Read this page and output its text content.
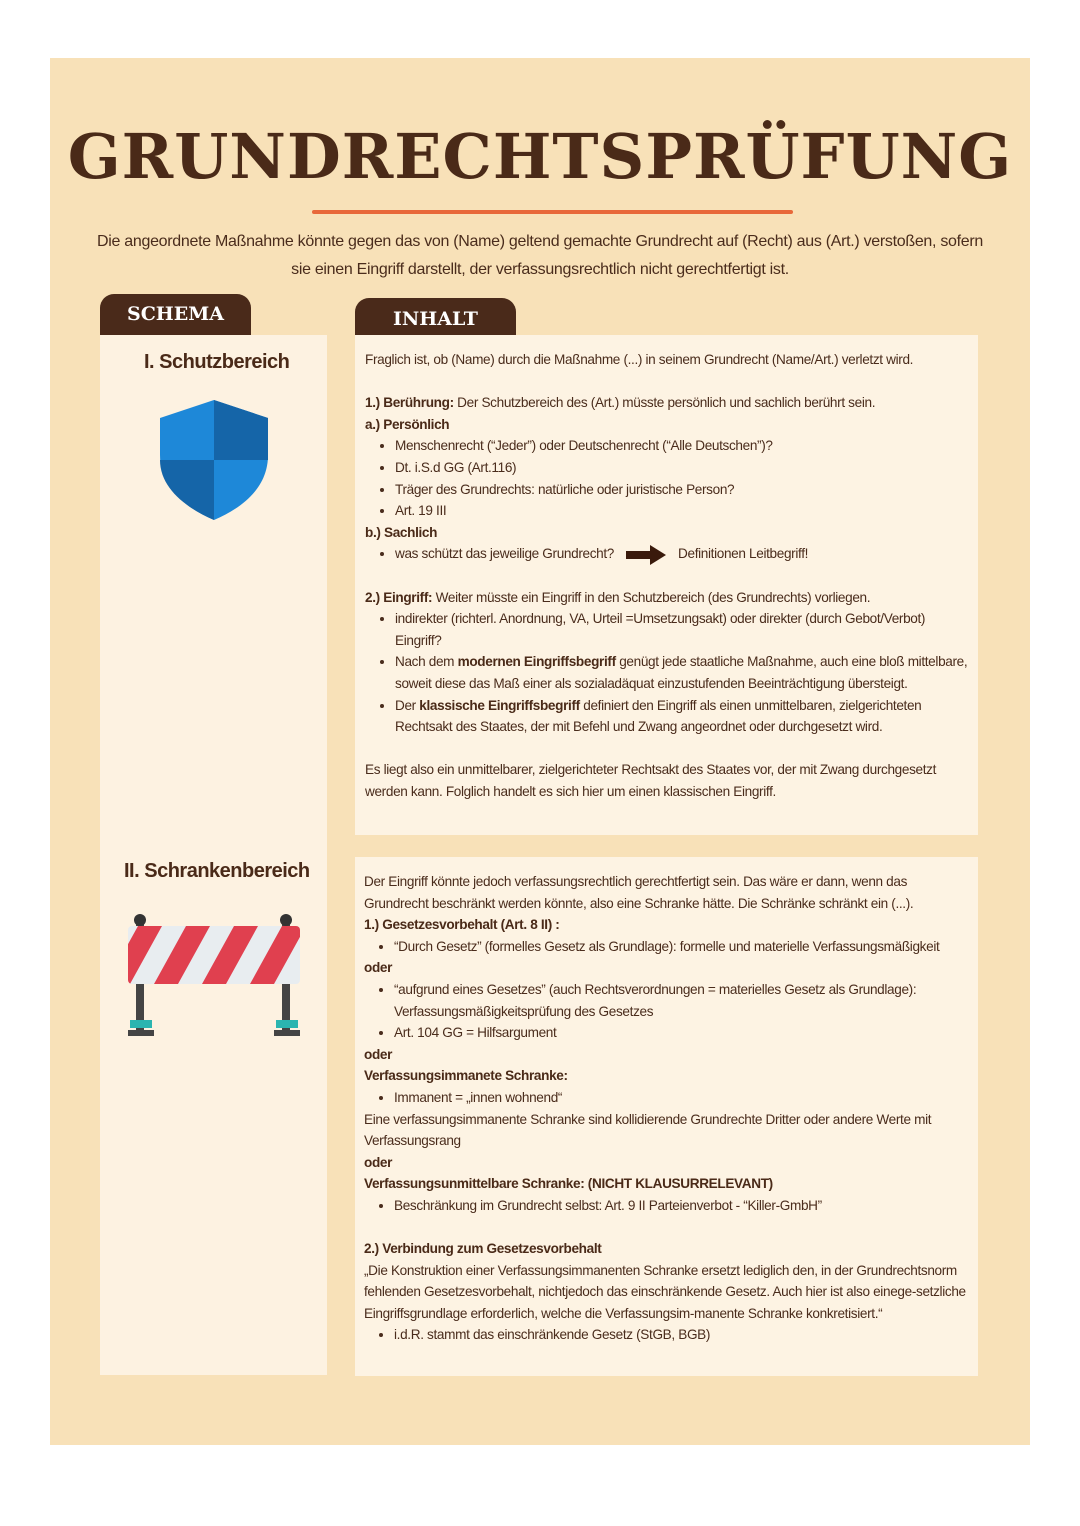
GRUNDRECHTSPRÜFUNG
Die angeordnete Maßnahme könnte gegen das von (Name) geltend gemachte Grundrecht auf (Recht) aus (Art.) verstoßen, sofern sie einen Eingriff darstellt, der verfassungsrechtlich nicht gerechtfertigt ist.
SCHEMA	INHALT
I. Schutzbereich
II. Schrankenbereich

Fraglich ist, ob (Name) durch die Maßnahme (...) in seinem Grundrecht (Name/Art.) verletzt wird.

1.) Berührung: Der Schutzbereich des (Art.) müsste persönlich und sachlich berührt sein.

a.) Persönlich

• Menschenrecht (“Jeder”) oder Deutschenrecht (“Alle Deutschen”)?
• Dt. i.S.d GG (Art.116)
• Träger des Grundrechts: natürliche oder juristische Person?
• Art. 19 III

b.) Sachlich

• was schützt das jeweilige Grundrecht?	Definitionen Leitbegriff!

2.) Eingriff: Weiter müsste ein Eingriff in den Schutzbereich (des Grundrechts) vorliegen.

• indirekter (richterl. Anordnung, VA, Urteil =Umsetzungsakt) oder direkter (durch Gebot/Verbot) Eingriff?
• Nach dem modernen Eingriffsbegriff genügt jede staatliche Maßnahme, auch eine bloß mittelbare, soweit diese das Maß einer als sozialadäquat einzustufenden Beeinträchtigung übersteigt.
• Der klassische Eingriffsbegriff definiert den Eingriff als einen unmittelbaren, zielgerichteten Rechtsakt des Staates, der mit Befehl und Zwang angeordnet oder durchgesetzt wird.

Es liegt also ein unmittelbarer, zielgerichteter Rechtsakt des Staates vor, der mit Zwang durchgesetzt werden kann. Folglich handelt es sich hier um einen klassischen Eingriff.

Der Eingriff könnte jedoch verfassungsrechtlich gerechtfertigt sein. Das wäre er dann, wenn das Grundrecht beschränkt werden könnte, also eine Schranke hätte. Die Schränke schränkt ein (...).

1.) Gesetzesvorbehalt (Art. 8 II) :

• “Durch Gesetz” (formelles Gesetz als Grundlage): formelle und materielle Verfassungsmäßigkeit

oder

• “aufgrund eines Gesetzes” (auch Rechtsverordnungen = materielles Gesetz als Grundlage): Verfassungsmäßigkeitsprüfung des Gesetzes
• Art. 104 GG = Hilfsargument

oder

Verfassungsimmanete Schranke:

• Immanent = „innen wohnend“

Eine verfassungsimmanente Schranke sind kollidierende Grundrechte Dritter oder andere Werte mit Verfassungsrang

oder

Verfassungsunmittelbare Schranke: (NICHT KLAUSURRELEVANT)

• Beschränkung im Grundrecht selbst: Art. 9 II Parteienverbot - “Killer-GmbH”

2.) Verbindung zum Gesetzesvorbehalt

„Die Konstruktion einer Verfassungsimmanenten Schranke ersetzt lediglich den, in der Grundrechtsnorm fehlenden Gesetzesvorbehalt, nichtjedoch das einschränkende Gesetz. Auch hier ist also einege-setzliche Eingriffsgrundlage erforderlich, welche die Verfassungsim-manente Schranke konkretisiert.“

• i.d.R. stammt das einschränkende Gesetz (StGB, BGB)
